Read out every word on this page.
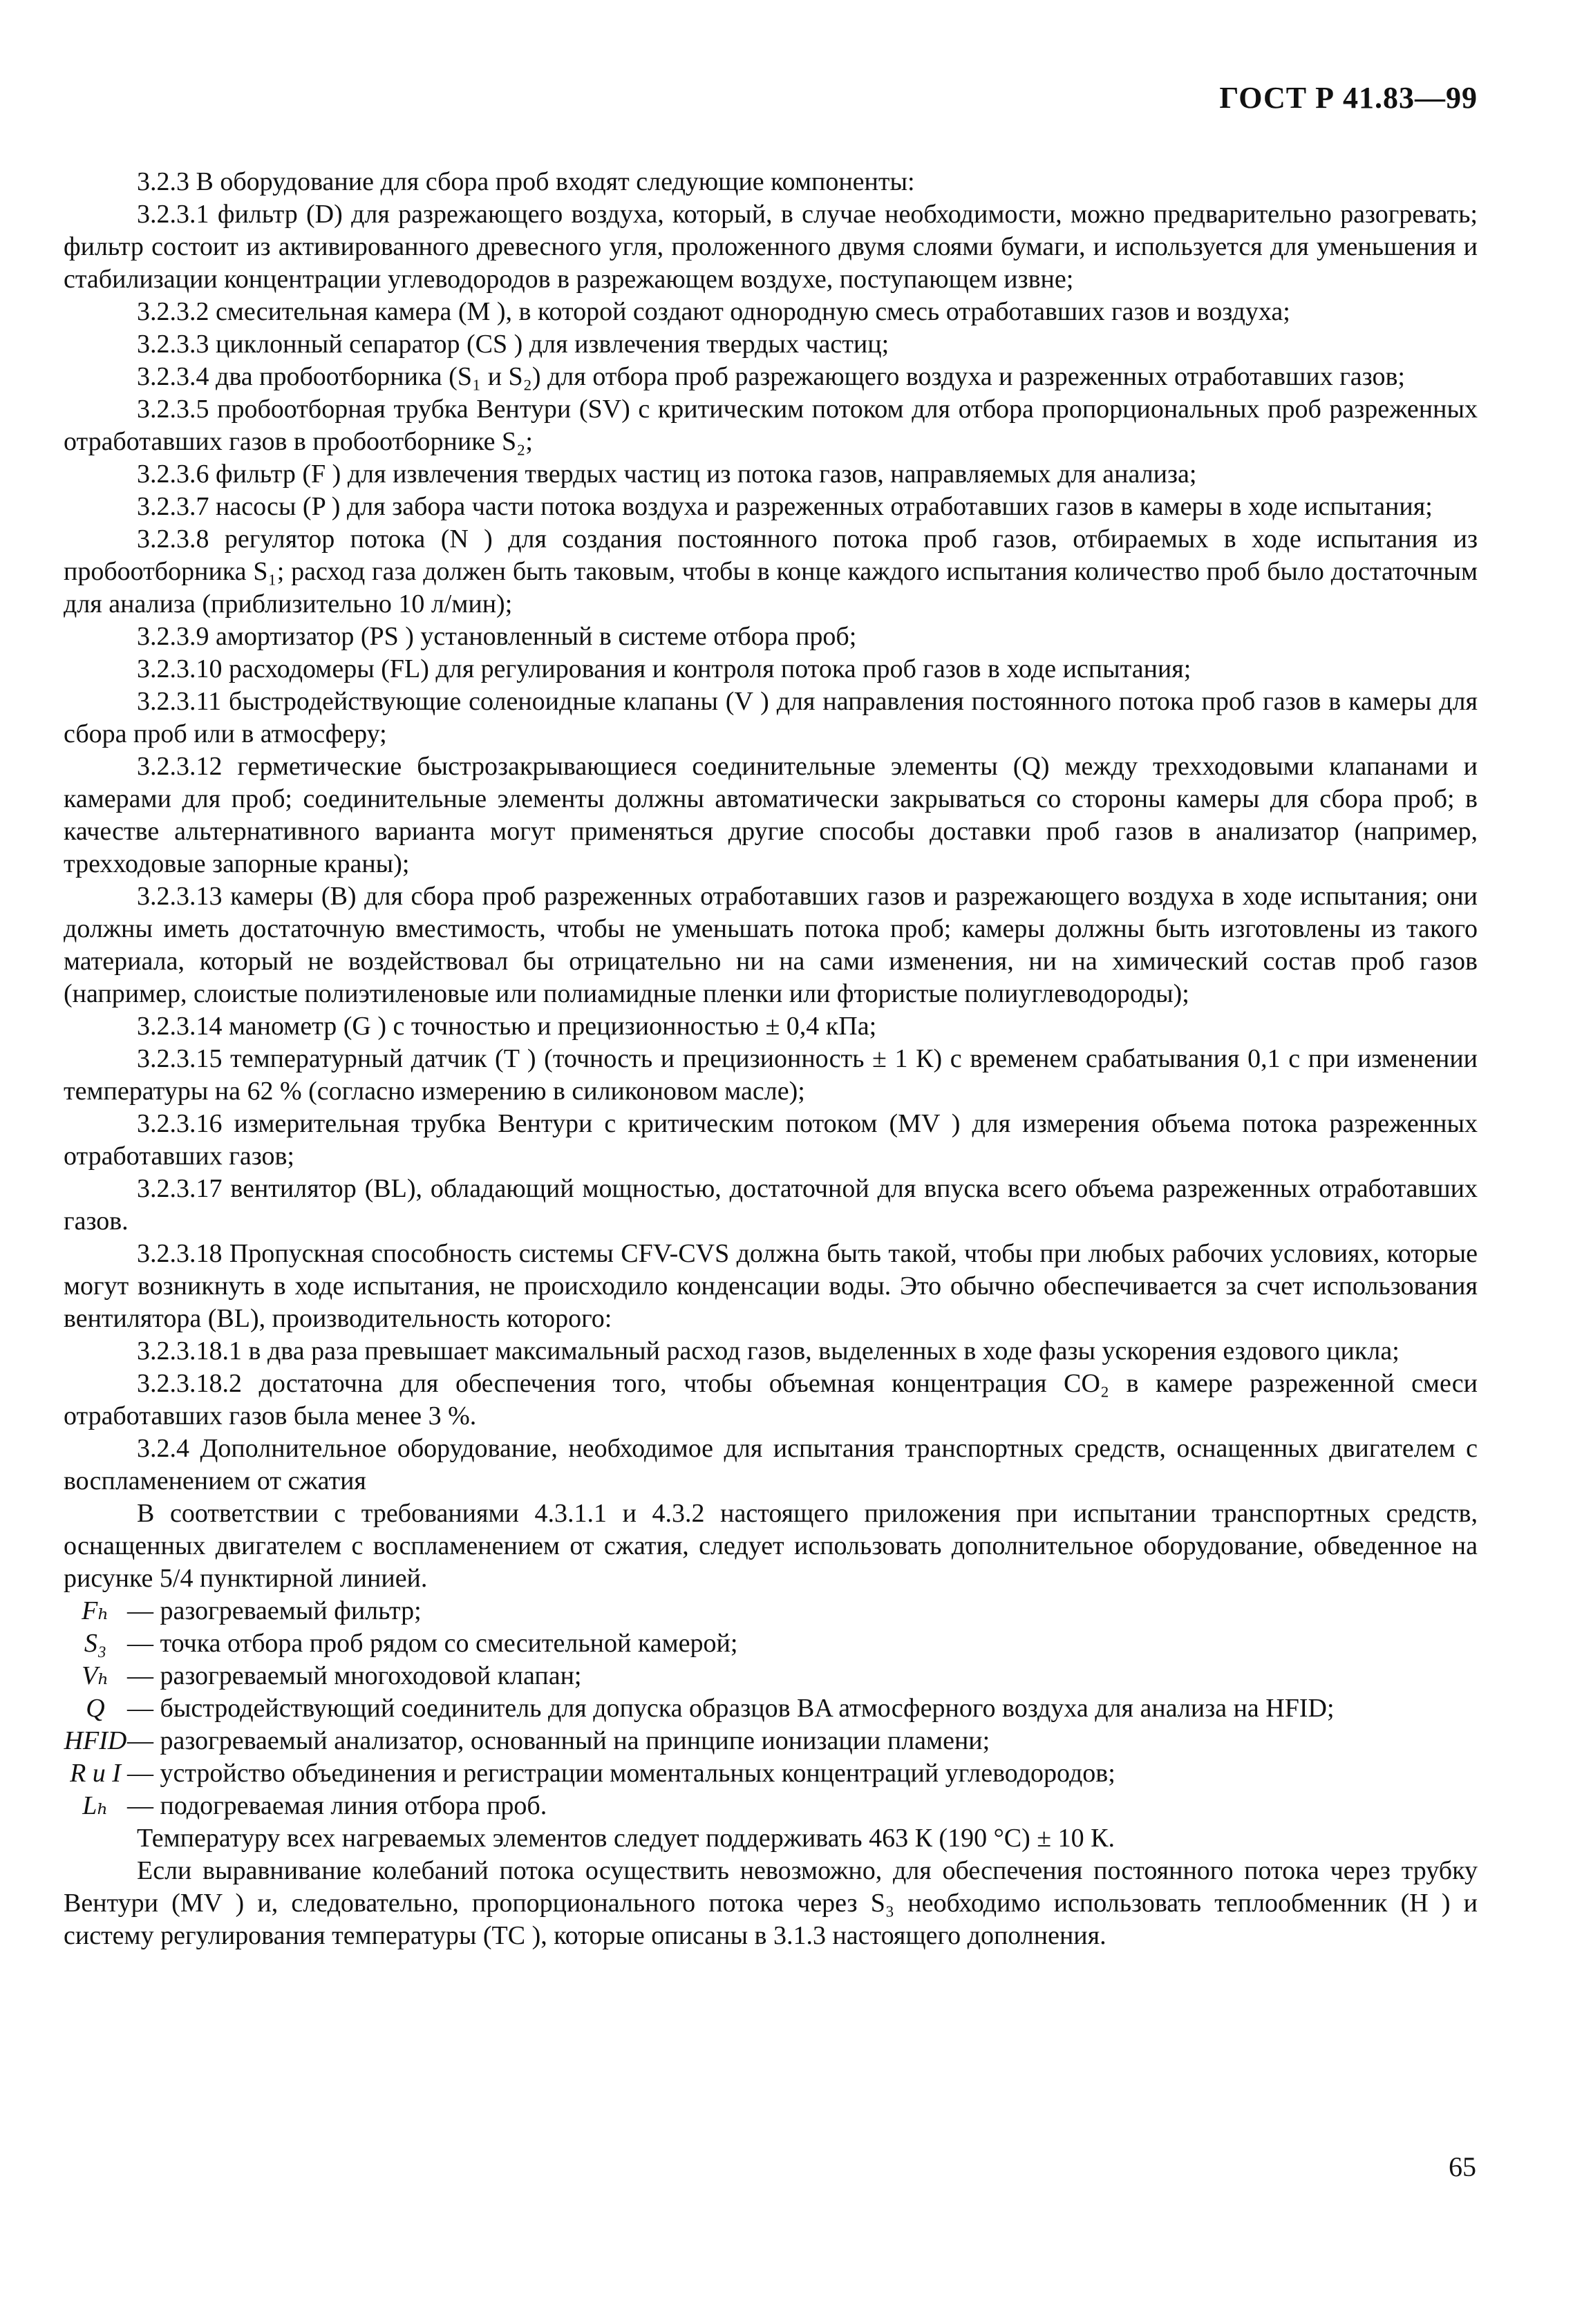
ГОСТ Р 41.83—99

3.2.3 В оборудование для сбора проб входят следующие компоненты:

3.2.3.1 фильтр (D) для разрежающего воздуха, который, в случае необходимости, можно предварительно разогревать; фильтр состоит из активированного древесного угля, проложенного двумя слоями бумаги, и используется для уменьшения и стабилизации концентрации углеводородов в разрежающем воздухе, поступающем извне;

3.2.3.2 смесительная камера (M ), в которой создают однородную смесь отработавших газов и воздуха;

3.2.3.3 циклонный сепаратор (CS ) для извлечения твердых частиц;

3.2.3.4 два пробоотборника (S₁ и S₂) для отбора проб разрежающего воздуха и разреженных отработавших газов;

3.2.3.5 пробоотборная трубка Вентури (SV) с критическим потоком для отбора пропорциональных проб разреженных отработавших газов в пробоотборнике S₂;

3.2.3.6 фильтр (F ) для извлечения твердых частиц из потока газов, направляемых для анализа;

3.2.3.7 насосы (P ) для забора части потока воздуха и разреженных отработавших газов в камеры в ходе испытания;

3.2.3.8 регулятор потока (N ) для создания постоянного потока проб газов, отбираемых в ходе испытания из пробоотборника S₁; расход газа должен быть таковым, чтобы в конце каждого испытания количество проб было достаточным для анализа (приблизительно 10 л/мин);

3.2.3.9 амортизатор (PS ) установленный в системе отбора проб;

3.2.3.10 расходомеры (FL) для регулирования и контроля потока проб газов в ходе испытания;

3.2.3.11 быстродействующие соленоидные клапаны (V ) для направления постоянного потока проб газов в камеры для сбора проб или в атмосферу;

3.2.3.12 герметические быстрозакрывающиеся соединительные элементы (Q) между трехходовыми клапанами и камерами для проб; соединительные элементы должны автоматически закрываться со стороны камеры для сбора проб; в качестве альтернативного варианта могут применяться другие способы доставки проб газов в анализатор (например, трехходовые запорные краны);

3.2.3.13 камеры (B) для сбора проб разреженных отработавших газов и разрежающего воздуха в ходе испытания; они должны иметь достаточную вместимость, чтобы не уменьшать потока проб; камеры должны быть изготовлены из такого материала, который не воздействовал бы отрицательно ни на сами изменения, ни на химический состав проб газов (например, слоистые полиэтиленовые или полиамидные пленки или фтористые полиуглеводороды);

3.2.3.14 манометр (G ) с точностью и прецизионностью ± 0,4 кПа;

3.2.3.15 температурный датчик (T ) (точность и прецизионность ± 1 К) с временем срабатывания 0,1 с при изменении температуры на 62 % (согласно измерению в силиконовом масле);

3.2.3.16 измерительная трубка Вентури с критическим потоком (MV ) для измерения объема потока разреженных отработавших газов;

3.2.3.17 вентилятор (BL), обладающий мощностью, достаточной для впуска всего объема разреженных отработавших газов.

3.2.3.18 Пропускная способность системы CFV-CVS должна быть такой, чтобы при любых рабочих условиях, которые могут возникнуть в ходе испытания, не происходило конденсации воды. Это обычно обеспечивается за счет использования вентилятора (BL), производительность которого:

3.2.3.18.1 в два раза превышает максимальный расход газов, выделенных в ходе фазы ускорения ездового цикла;

3.2.3.18.2 достаточна для обеспечения того, чтобы объемная концентрация CO₂ в камере разреженной смеси отработавших газов была менее 3 %.

3.2.4 Дополнительное оборудование, необходимое для испытания транспортных средств, оснащенных двигателем с воспламенением от сжатия

В соответствии с требованиями 4.3.1.1 и 4.3.2 настоящего приложения при испытании транспортных средств, оснащенных двигателем с воспламенением от сжатия, следует использовать дополнительное оборудование, обведенное на рисунке 5/4 пунктирной линией.

Fₕ — разогреваемый фильтр;
S₃ — точка отбора проб рядом со смесительной камерой;
Vₕ — разогреваемый многоходовой клапан;
Q — быстродействующий соединитель для допуска образцов BA атмосферного воздуха для анализа на HFID;
HFID — разогреваемый анализатор, основанный на принципе ионизации пламени;
R и I — устройство объединения и регистрации моментальных концентраций углеводородов;
Lₕ — подогреваемая линия отбора проб.

Температуру всех нагреваемых элементов следует поддерживать 463 К (190 °C) ± 10 К.

Если выравнивание колебаний потока осуществить невозможно, для обеспечения постоянного потока через трубку Вентури (MV ) и, следовательно, пропорционального потока через S₃ необходимо использовать теплообменник (H ) и систему регулирования температуры (TC ), которые описаны в 3.1.3 настоящего дополнения.

65
